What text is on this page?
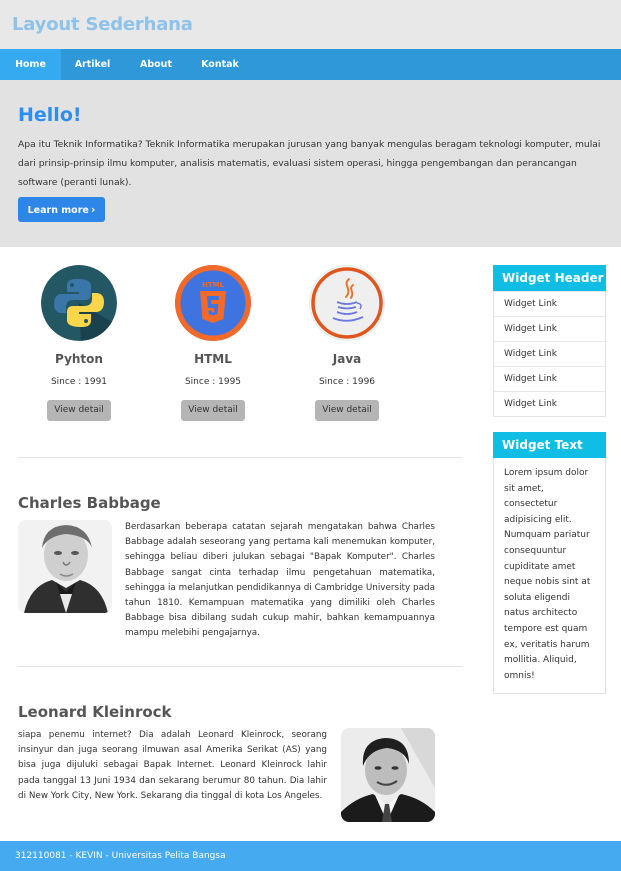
Layout Sederhana
Home	Artikel	About	Kontak
Hello!
Apa itu Teknik Informatika? Teknik Informatika merupakan jurusan yang banyak mengulas beragam teknologi komputer, mulai dari prinsip-prinsip ilmu komputer, analisis matematis, evaluasi sistem operasi, hingga pengembangan dan perancangan software (peranti lunak).
Learn more ›
Pyhton
Since : 1991
View detail
HTML
HTML
Since : 1995
View detail
Java
Since : 1996
View detail
Charles Babbage
Berdasarkan beberapa catatan sejarah mengatakan bahwa Charles Babbage adalah seseorang yang pertama kali menemukan komputer, sehingga beliau diberi julukan sebagai "Bapak Komputer". Charles Babbage sangat cinta terhadap ilmu pengetahuan matematika, sehingga ia melanjutkan pendidikannya di Cambridge University pada tahun 1810. Kemampuan matematika yang dimiliki oleh Charles Babbage bisa dibilang sudah cukup mahir, bahkan kemampuannya mampu melebihi pengajarnya.
Leonard Kleinrock
siapa penemu internet? Dia adalah Leonard Kleinrock, seorang insinyur dan juga seorang ilmuwan asal Amerika Serikat (AS) yang bisa juga dijuluki sebagai Bapak Internet. Leonard Kleinrock lahir pada tanggal 13 Juni 1934 dan sekarang berumur 80 tahun. Dia lahir di New York City, New York. Sekarang dia tinggal di kota Los Angeles.
Widget Header
Widget Link
Widget Link
Widget Link
Widget Link
Widget Link
Widget Text
Lorem ipsum dolor sit amet, consectetur adipisicing elit. Numquam pariatur consequuntur cupiditate amet neque nobis sint at soluta eligendi natus architecto tempore est quam ex, veritatis harum mollitia. Aliquid, omnis!
312110081 - KEVIN - Universitas Pelita Bangsa
